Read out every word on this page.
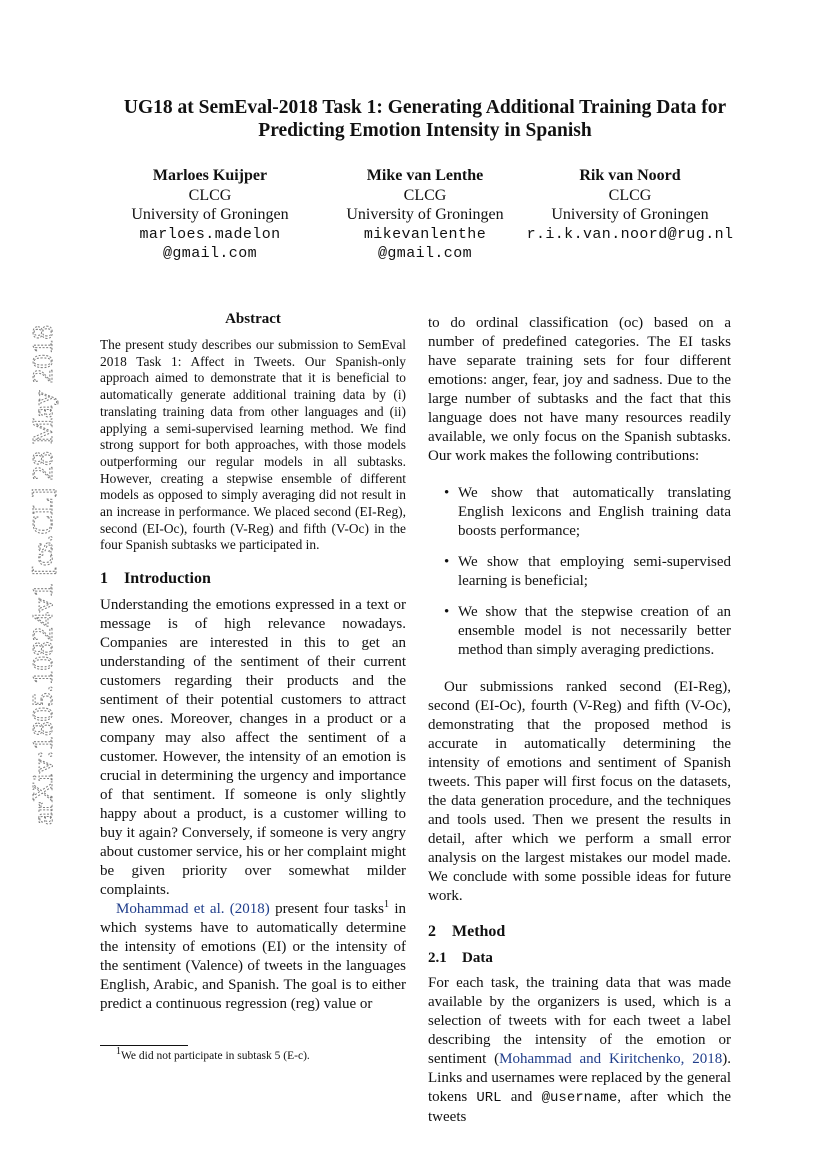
arXiv:1805.10824v1 [cs.CL] 28 May 2018
UG18 at SemEval-2018 Task 1: Generating Additional Training Data for
Predicting Emotion Intensity in Spanish
Marloes Kuijper
CLCG
University of Groningen
marloes.madelon
@gmail.com
Mike van Lenthe
CLCG
University of Groningen
mikevanlenthe
@gmail.com
Rik van Noord
CLCG
University of Groningen
r.i.k.van.noord@rug.nl
Abstract

The present study describes our submission to SemEval 2018 Task 1: Affect in Tweets. Our Spanish-only approach aimed to demonstrate that it is beneficial to automatically generate additional training data by (i) translating training data from other languages and (ii) applying a semi-supervised learning method. We find strong support for both approaches, with those models outperforming our regular models in all subtasks. However, creating a stepwise ensemble of different models as opposed to simply averaging did not result in an increase in performance. We placed second (EI-Reg), second (EI-Oc), fourth (V-Reg) and fifth (V-Oc) in the four Spanish subtasks we participated in.

1 Introduction

Understanding the emotions expressed in a text or message is of high relevance nowadays. Companies are interested in this to get an understanding of the sentiment of their current customers regarding their products and the sentiment of their potential customers to attract new ones. Moreover, changes in a product or a company may also affect the sentiment of a customer. However, the intensity of an emotion is crucial in determining the urgency and importance of that sentiment. If someone is only slightly happy about a product, is a customer willing to buy it again? Conversely, if someone is very angry about customer service, his or her complaint might be given priority over somewhat milder complaints.

Mohammad et al. (2018) present four tasks$^1$ in which systems have to automatically determine the intensity of emotions (EI) or the intensity of the sentiment (Valence) of tweets in the languages English, Arabic, and Spanish. The goal is to either predict a continuous regression (reg) value or

$^1$We did not participate in subtask 5 (E-c).

to do ordinal classification (oc) based on a number of predefined categories. The EI tasks have separate training sets for four different emotions: anger, fear, joy and sadness. Due to the large number of subtasks and the fact that this language does not have many resources readily available, we only focus on the Spanish subtasks. Our work makes the following contributions:

• We show that automatically translating English lexicons and English training data boosts performance;
• We show that employing semi-supervised learning is beneficial;
• We show that the stepwise creation of an ensemble model is not necessarily better method than simply averaging predictions.

Our submissions ranked second (EI-Reg), second (EI-Oc), fourth (V-Reg) and fifth (V-Oc), demonstrating that the proposed method is accurate in automatically determining the intensity of emotions and sentiment of Spanish tweets. This paper will first focus on the datasets, the data generation procedure, and the techniques and tools used. Then we present the results in detail, after which we perform a small error analysis on the largest mistakes our model made. We conclude with some possible ideas for future work.

2 Method
2.1 Data

For each task, the training data that was made available by the organizers is used, which is a selection of tweets with for each tweet a label describing the intensity of the emotion or sentiment (Mohammad and Kiritchenko, 2018). Links and usernames were replaced by the general tokens URL and @username, after which the tweets
